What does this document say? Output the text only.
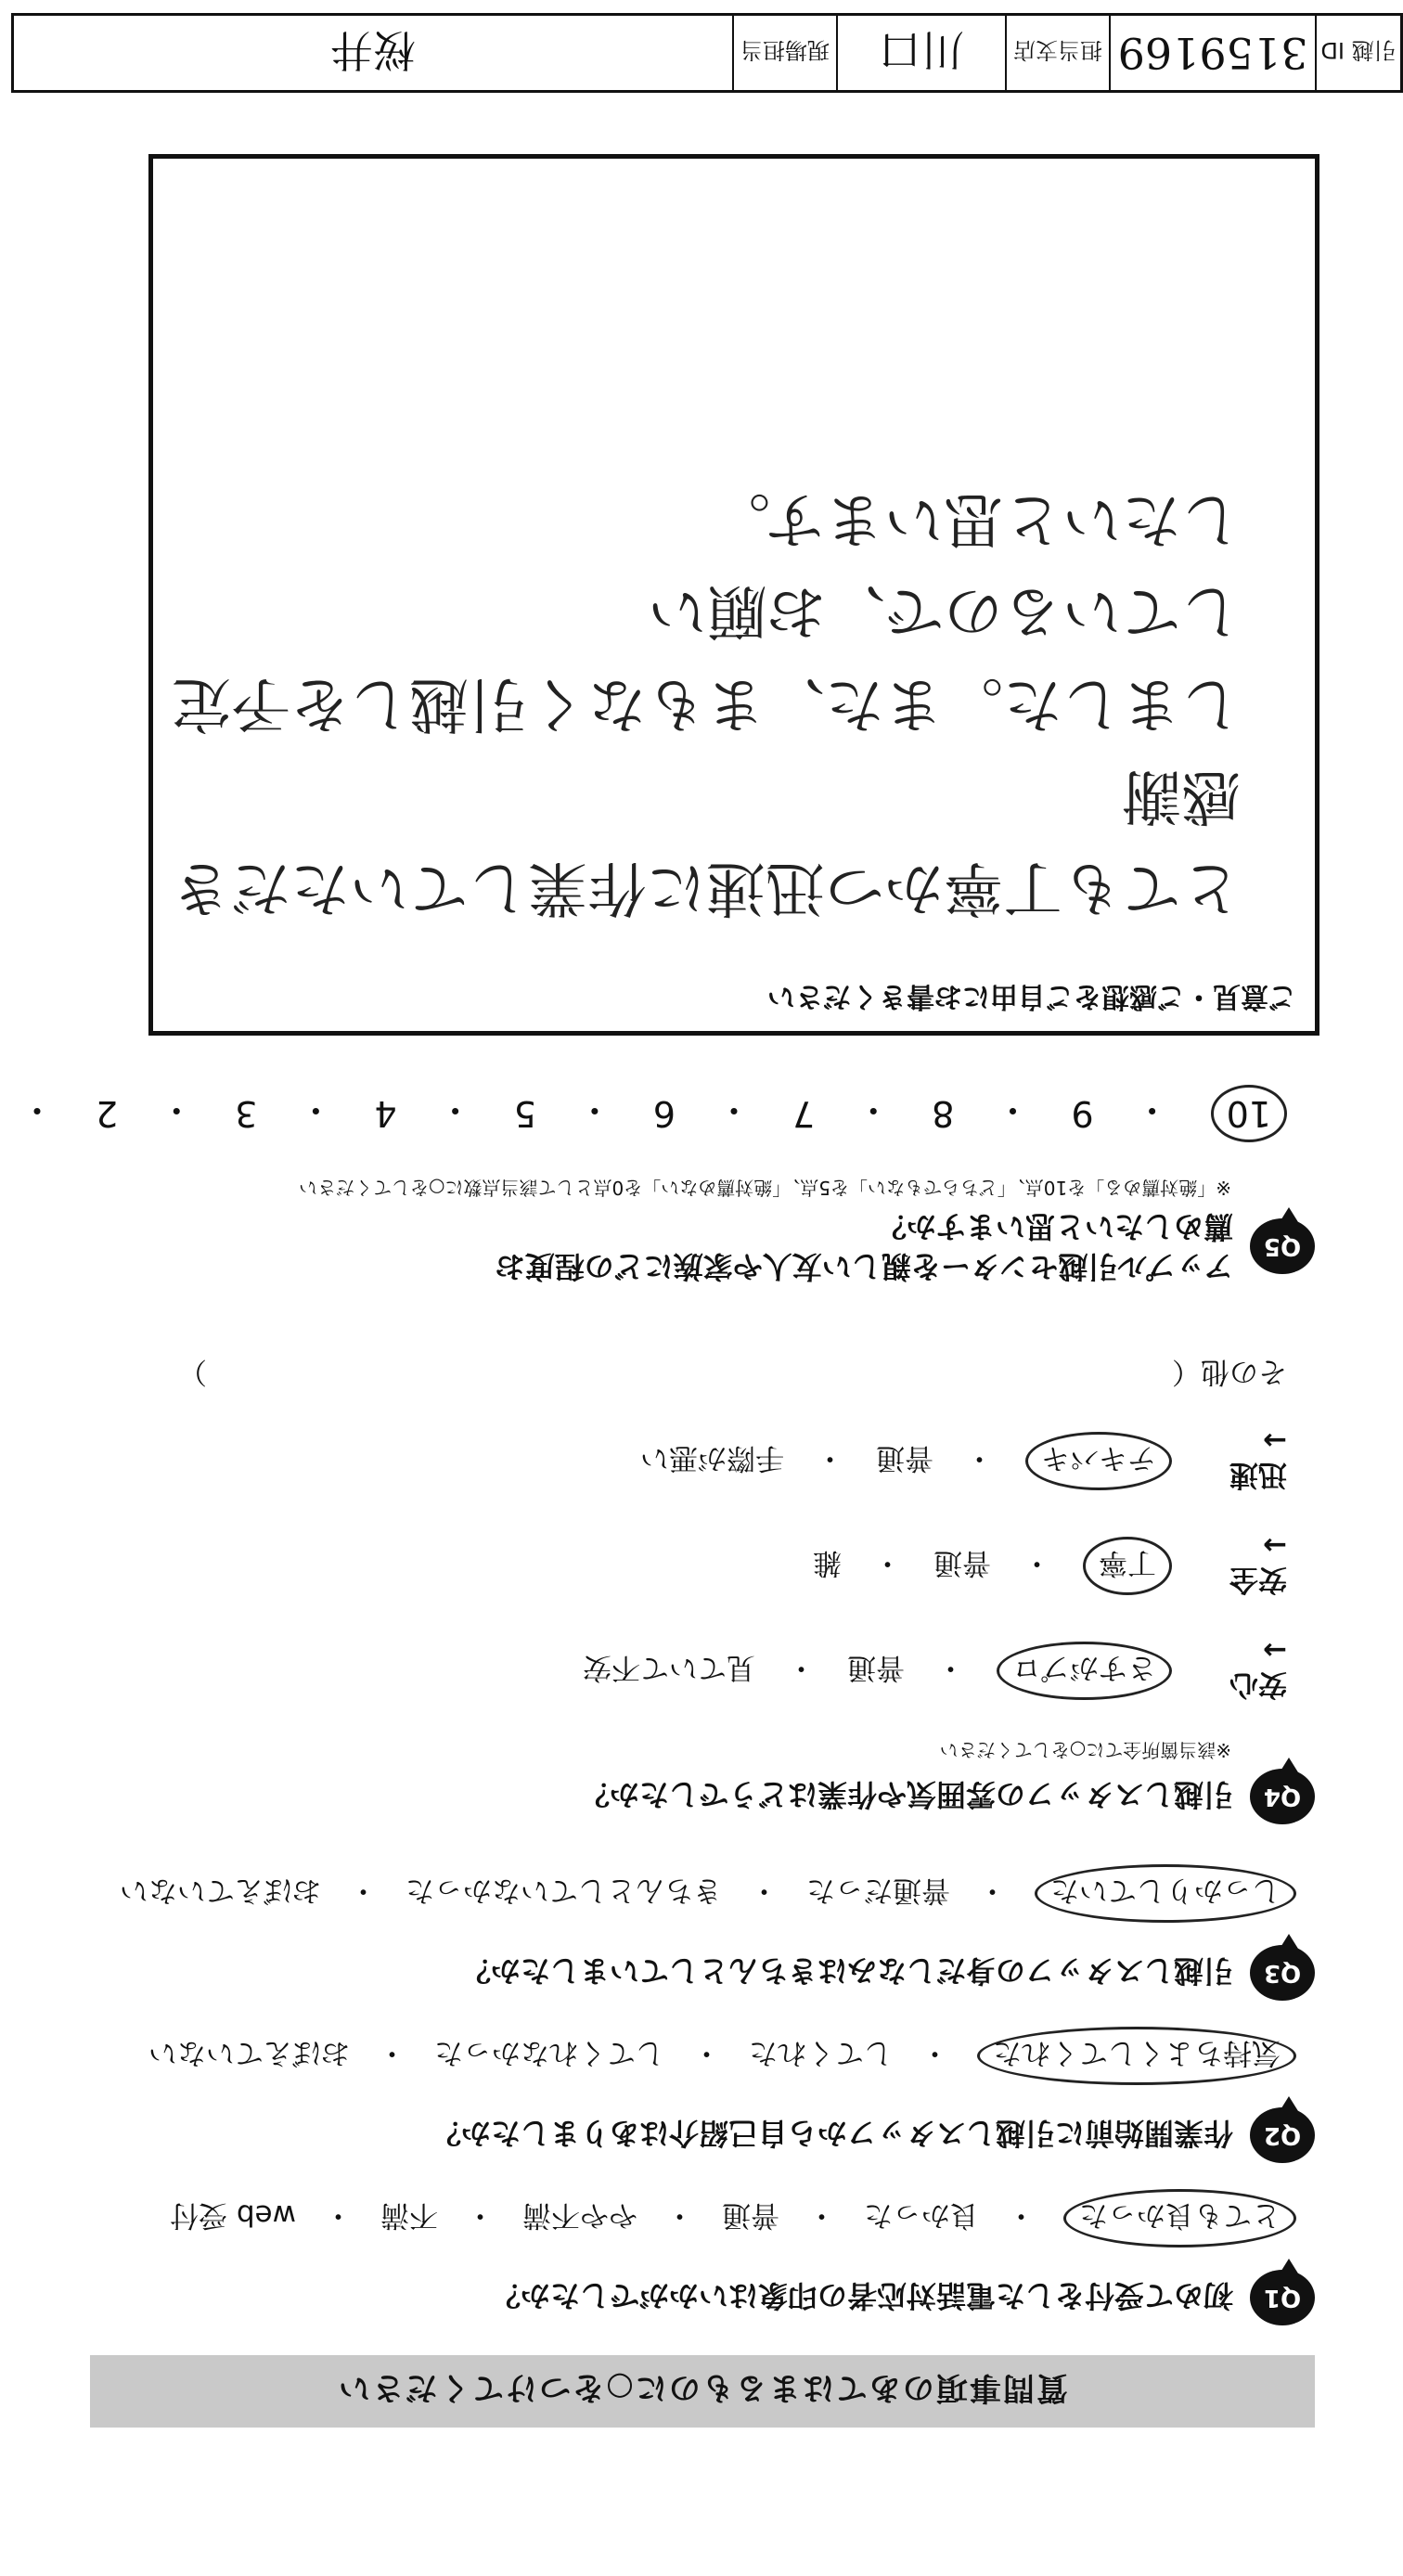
質問事項のあてはまるものに○をつけてください
Q1
初めて受付をした電話対応者の印象はいかがでしたか？
とても良かった
・
良かった
・
普通
・
やや不満
・
不満
・
web 受付
Q2
作業開始前に引越しスタッフから自己紹介はありましたか？
気持ちよくしてくれた
・
してくれた
・
してくれなかった
・
おぼえていない
Q3
引越しスタッフの身だしなみはきちんとしていましたか？
しっかりしていた
・
普通だった
・
きちんとしていなかった
・
おぼえていない
Q4
引越しスタッフの雰囲気や作業はどうでしたか？
※該当箇所全てに○をしてください
安心 →
さすがプロ
・
普通
・
見ていて不安
安全 →
丁寧
・
普通
・
雑
迅速 →
テキパキ
・
普通
・
手際が悪い
その他（
）
Q5
アップル引越センターを親しい友人や家族にどの程度お薦めしたいと思いますか？
※「絶対薦める」を10点、「どちらでもない」を5点、「絶対薦めない」を0点として該当点数に○をしてください
10
・
9
・
8
・
7
・
6
・
5
・
4
・
3
・
2
・
ご意見・ご感想をご自由にお書きください
とても丁寧かつ迅速に作業していただき感謝
しました。また、まもなく引越しを予定しているので、お願い
したいと思います。
引越 ID
3159169
担当支店
川口
現場担当
桜井
